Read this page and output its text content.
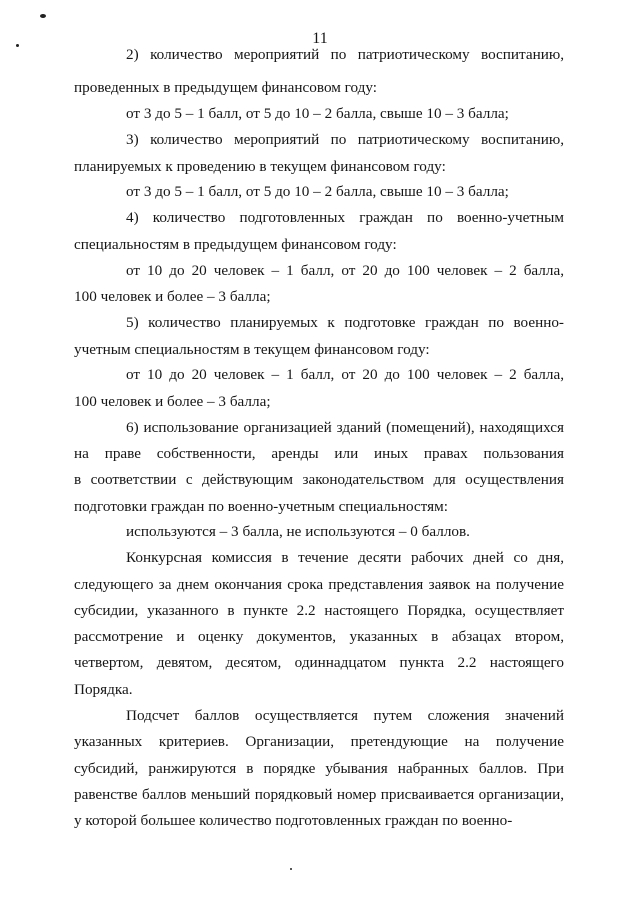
11
2) количество мероприятий по патриотическому воспитанию,
проведенных в предыдущем финансовом году:
от 3 до 5 – 1 балл, от 5 до 10 – 2 балла, свыше 10 – 3 балла;
3) количество мероприятий по патриотическому воспитанию,
планируемых к проведению в текущем финансовом году:
от 3 до 5 – 1 балл, от 5 до 10 – 2 балла, свыше 10 – 3 балла;
4) количество подготовленных граждан по военно-учетным
специальностям в предыдущем финансовом году:
от 10 до 20 человек – 1 балл, от 20 до 100 человек – 2 балла,
100 человек и более – 3 балла;
5) количество планируемых к подготовке граждан по военно-
учетным специальностям в текущем финансовом году:
от 10 до 20 человек – 1 балл, от 20 до 100 человек – 2 балла,
100 человек и более – 3 балла;
6) использование организацией зданий (помещений), находящихся
на праве собственности, аренды или иных правах пользования
в соответствии с действующим законодательством для осуществления
подготовки граждан по военно-учетным специальностям:
используются – 3 балла, не используются – 0 баллов.
Конкурсная комиссия в течение десяти рабочих дней со дня,
следующего за днем окончания срока представления заявок на получение
субсидии, указанного в пункте 2.2 настоящего Порядка, осуществляет
рассмотрение и оценку документов, указанных в абзацах втором,
четвертом, девятом, десятом, одиннадцатом пункта 2.2 настоящего
Порядка.
Подсчет баллов осуществляется путем сложения значений
указанных критериев. Организации, претендующие на получение
субсидий, ранжируются в порядке убывания набранных баллов. При
равенстве баллов меньший порядковый номер присваивается организации,
у которой большее количество подготовленных граждан по военно-
